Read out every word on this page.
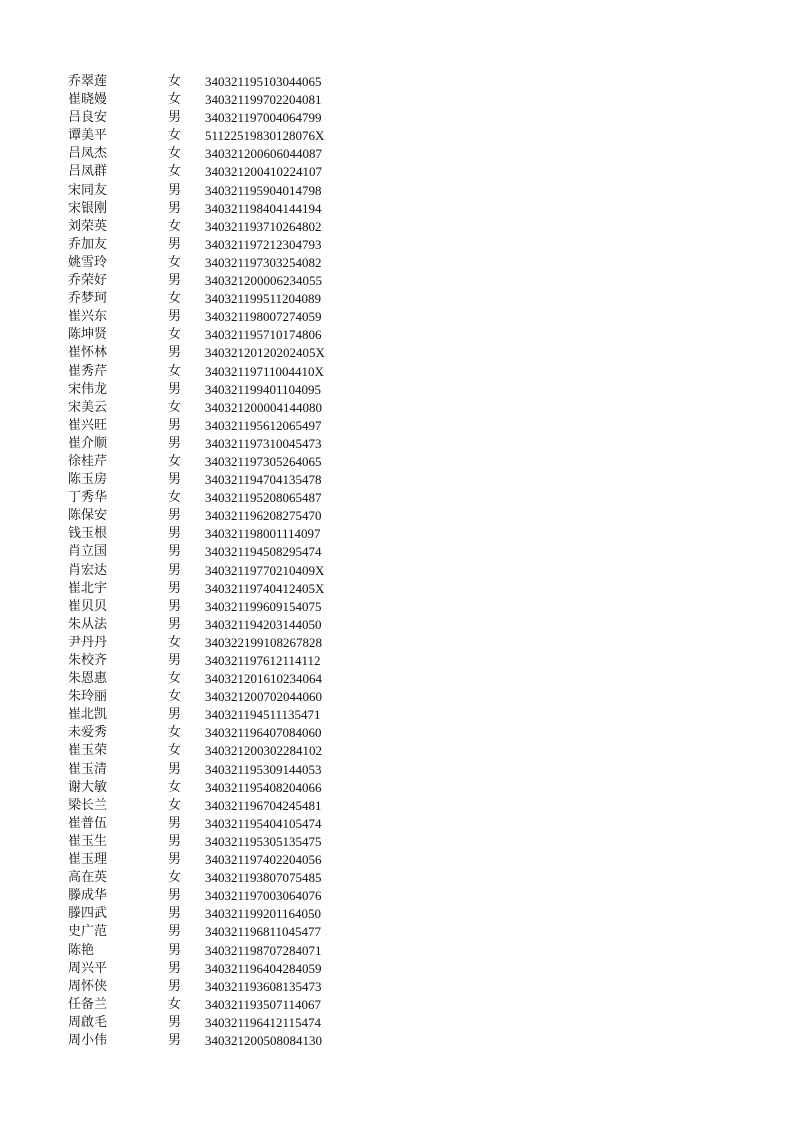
乔翠莲	女	340321195103044065
崔晓嫚	女	340321199702204081
吕良安	男	340321197004064799
谭美平	女	51122519830128076X
吕凤杰	女	340321200606044087
吕凤群	女	340321200410224107
宋同友	男	340321195904014798
宋银刚	男	340321198404144194
刘荣英	女	340321193710264802
乔加友	男	340321197212304793
姚雪玲	女	340321197303254082
乔荣好	男	340321200006234055
乔梦珂	女	340321199511204089
崔兴东	男	340321198007274059
陈坤贤	女	340321195710174806
崔怀林	男	34032120120202405X
崔秀芹	女	34032119711004410X
宋伟龙	男	340321199401104095
宋美云	女	340321200004144080
崔兴旺	男	340321195612065497
崔介顺	男	340321197310045473
徐桂芹	女	340321197305264065
陈玉房	男	340321194704135478
丁秀华	女	340321195208065487
陈保安	男	340321196208275470
钱玉根	男	340321198001114097
肖立国	男	340321194508295474
肖宏达	男	34032119770210409X
崔北宇	男	34032119740412405X
崔贝贝	男	340321199609154075
朱从法	男	340321194203144050
尹丹丹	女	340322199108267828
朱校齐	男	340321197612114112
朱恩惠	女	340321201610234064
朱玲丽	女	340321200702044060
崔北凯	男	340321194511135471
未爱秀	女	340321196407084060
崔玉荣	女	340321200302284102
崔玉清	男	340321195309144053
谢大敏	女	340321195408204066
梁长兰	女	340321196704245481
崔普伍	男	340321195404105474
崔玉生	男	340321195305135475
崔玉理	男	340321197402204056
高在英	女	340321193807075485
滕成华	男	340321197003064076
滕四武	男	340321199201164050
史广范	男	340321196811045477
陈艳	男	340321198707284071
周兴平	男	340321196404284059
周怀侠	男	340321193608135473
任备兰	女	340321193507114067
周啟毛	男	340321196412115474
周小伟	男	340321200508084130
